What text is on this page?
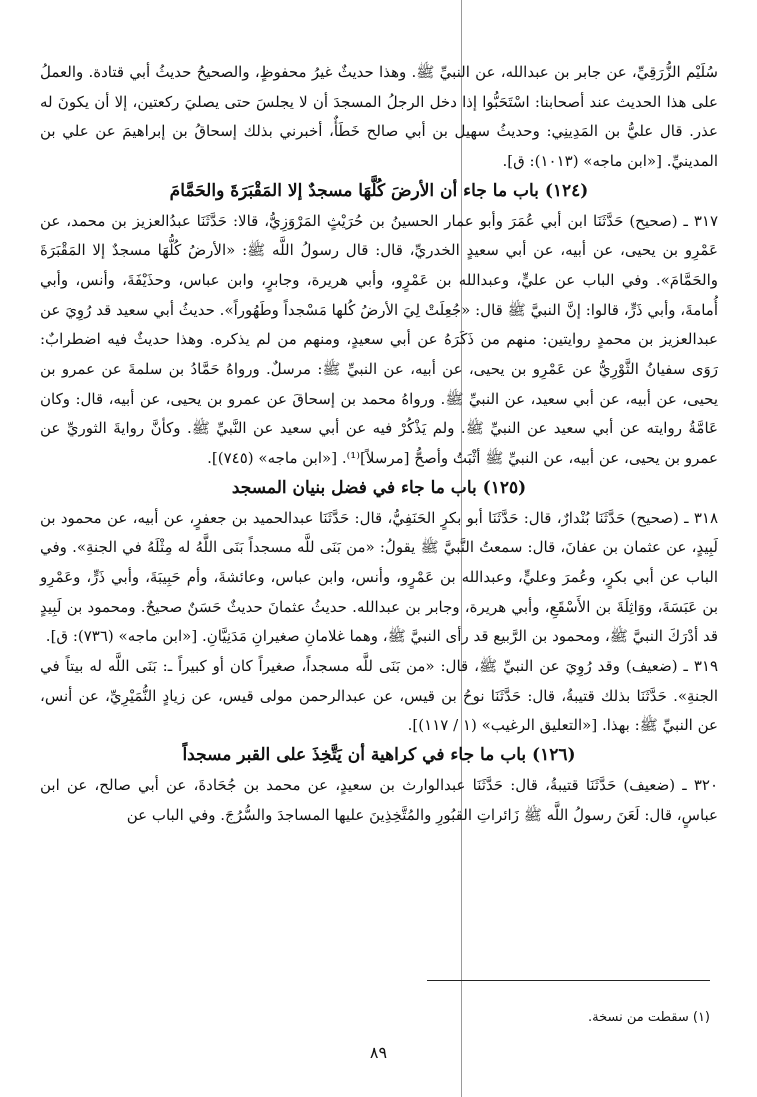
سُلَيْم الزُّرَقِيِّ، عن جابر بن عبدالله، عن النبيِّ ﷺ. وهذا حديثٌ غيرُ محفوظٍ، والصحيحُ حديثُ أبي قتادة. والعملُ على هذا الحديث عند أصحابنا: اسْتَحَبُّوا إذا دخل الرجلُ المسجدَ أن لا يجلسَ حتى يصليَ ركعتين، إلا أن يكونَ له عذر. قال عليُّ بن المَدِينِي: وحديثُ سهيل بن أبي صالح خَطَأٌ، أخبرني بذلك إسحاقُ بن إبراهيمَ عن علي بن المدينيِّ. [«ابن ماجه» (١٠١٣): ق].

(١٢٤) باب ما جاء أن الأرضَ كُلَّهَا مسجدٌ إلا المَقْبَرَةَ والحَمَّامَ

٣١٧ ـ (صحيح) حَدَّثَنَا ابن أبي عُمَرَ وأبو عمار الحسينُ بن حُرَيْثٍ المَرْوَزِيُّ، قالا: حَدَّثَنَا عبدُالعزيز بن محمد، عن عَمْرِو بن يحيى، عن أبيه، عن أبي سعيدٍ الخدريِّ، قال: قال رسولُ اللَّه ﷺ: «الأرضُ كُلُّهَا مسجدٌ إلا المَقْبَرَةَ والحَمَّامَ». وفي الباب عن عليٍّ، وعبدالله بن عَمْرٍو، وأبي هريرة، وجابرٍ، وابن عباس، وحذَيْفَةَ، وأنس، وأبي أُمامةَ، وأبي ذَرٍّ، قالوا: إنَّ النبيَّ ﷺ قال: «جُعِلَتْ لِيَ الأرضُ كُلها مَسْجداً وطَهُوراً». حديثُ أبي سعيد قد رُوِيَ عن عبدالعزيز بن محمدٍ روايتين: منهم من ذَكَرَهُ عن أبي سعيدٍ، ومنهم من لم يذكره. وهذا حديثٌ فيه اضطرابٌ: رَوَى سفيانُ الثَّوْرِيُّ عن عَمْرِو بن يحيى، عن أبيه، عن النبيِّ ﷺ: مرسلٌ. ورواهُ حَمَّادُ بن سلمةَ عن عمرو بن يحيى، عن أبيه، عن أبي سعيد، عن النبيِّ ﷺ. ورواهُ محمد بن إسحاقَ عن عمرو بن يحيى، عن أبيه، قال: وكان عَامَّةُ روايته عن أبي سعيد عن النبيِّ ﷺ. ولم يَذْكُرْ فيه عن أبي سعيد عن النَّبيِّ ﷺ. وكأنَّ روايةَ الثوريِّ عن عمرو بن يحيى، عن أبيه، عن النبيِّ ﷺ أثْبَتُ وأصحُّ [مرسلاً]⁽¹⁾. [«ابن ماجه» (٧٤٥)].

(١٢٥) باب ما جاء في فضل بنيان المسجد

٣١٨ ـ (صحيح) حَدَّثَنَا بُنْدارٌ، قال: حَدَّثَنَا أبو بكرٍ الحَنَفِيُّ، قال: حَدَّثَنَا عبدالحميد بن جعفرٍ، عن أبيه، عن محمود بن لَبِيدٍ، عن عثمان بن عفانَ، قال: سمعتُ النَّبيَّ ﷺ يقولُ: «من بَنَى للَّه مسجداً بَنَى اللَّهُ له مِثْلَهُ في الجنةِ». وفي الباب عن أبي بكرٍ، وعُمرَ وعليٍّ، وعبدالله بن عَمْرٍو، وأنس، وابن عباس، وعائشةَ، وأم حَبِيبَةَ، وأبي ذَرٍّ، وعَمْرِو بن عَبَسَةَ، ووَاثِلَةَ بن الأَسْقَعِ، وأبي هريرة، وجابر بن عبدالله. حديثُ عثمانَ حديثٌ حَسَنٌ صحيحٌ. ومحمود بن لَبِيدٍ قد أدْرَكَ النبيَّ ﷺ، ومحمود بن الرَّبيع قد رأى النبيَّ ﷺ، وهما غلامانِ صغيرانِ مَدَنِيَّانِ. [«ابن ماجه» (٧٣٦): ق].

٣١٩ ـ (ضعيف) وقد رُوِيَ عن النبيِّ ﷺ، قال: «من بَنَى للَّه مسجداً، صغيراً كان أو كبيراً ـ: بَنَى اللَّه له بيتاً في الجنةِ». حَدَّثَنَا بذلك قتيبةُ، قال: حَدَّثَنَا نوحُ بن قيس، عن عبدالرحمن مولى قيس، عن زيادٍ النُّمَيْرِيِّ، عن أنس، عن النبيِّ ﷺ: بهذا. [«التعليق الرغيب» (١ / ١١٧)].

(١٢٦) باب ما جاء في كراهية أن يَتَّخِذَ على القبر مسجداً

٣٢٠ ـ (ضعيف) حَدَّثَنَا قتيبةُ، قال: حَدَّثَنَا عبدالوارث بن سعيدٍ، عن محمد بن جُحَادةَ، عن أبي صالح، عن ابن عباسٍ، قال: لَعَنَ رسولُ اللَّه ﷺ زَائراتِ القبُورِ والمُتَّخِذِينَ عليها المساجدَ والسُّرُجَ. وفي الباب عن

(١) سقطت من نسخة.
٨٩
